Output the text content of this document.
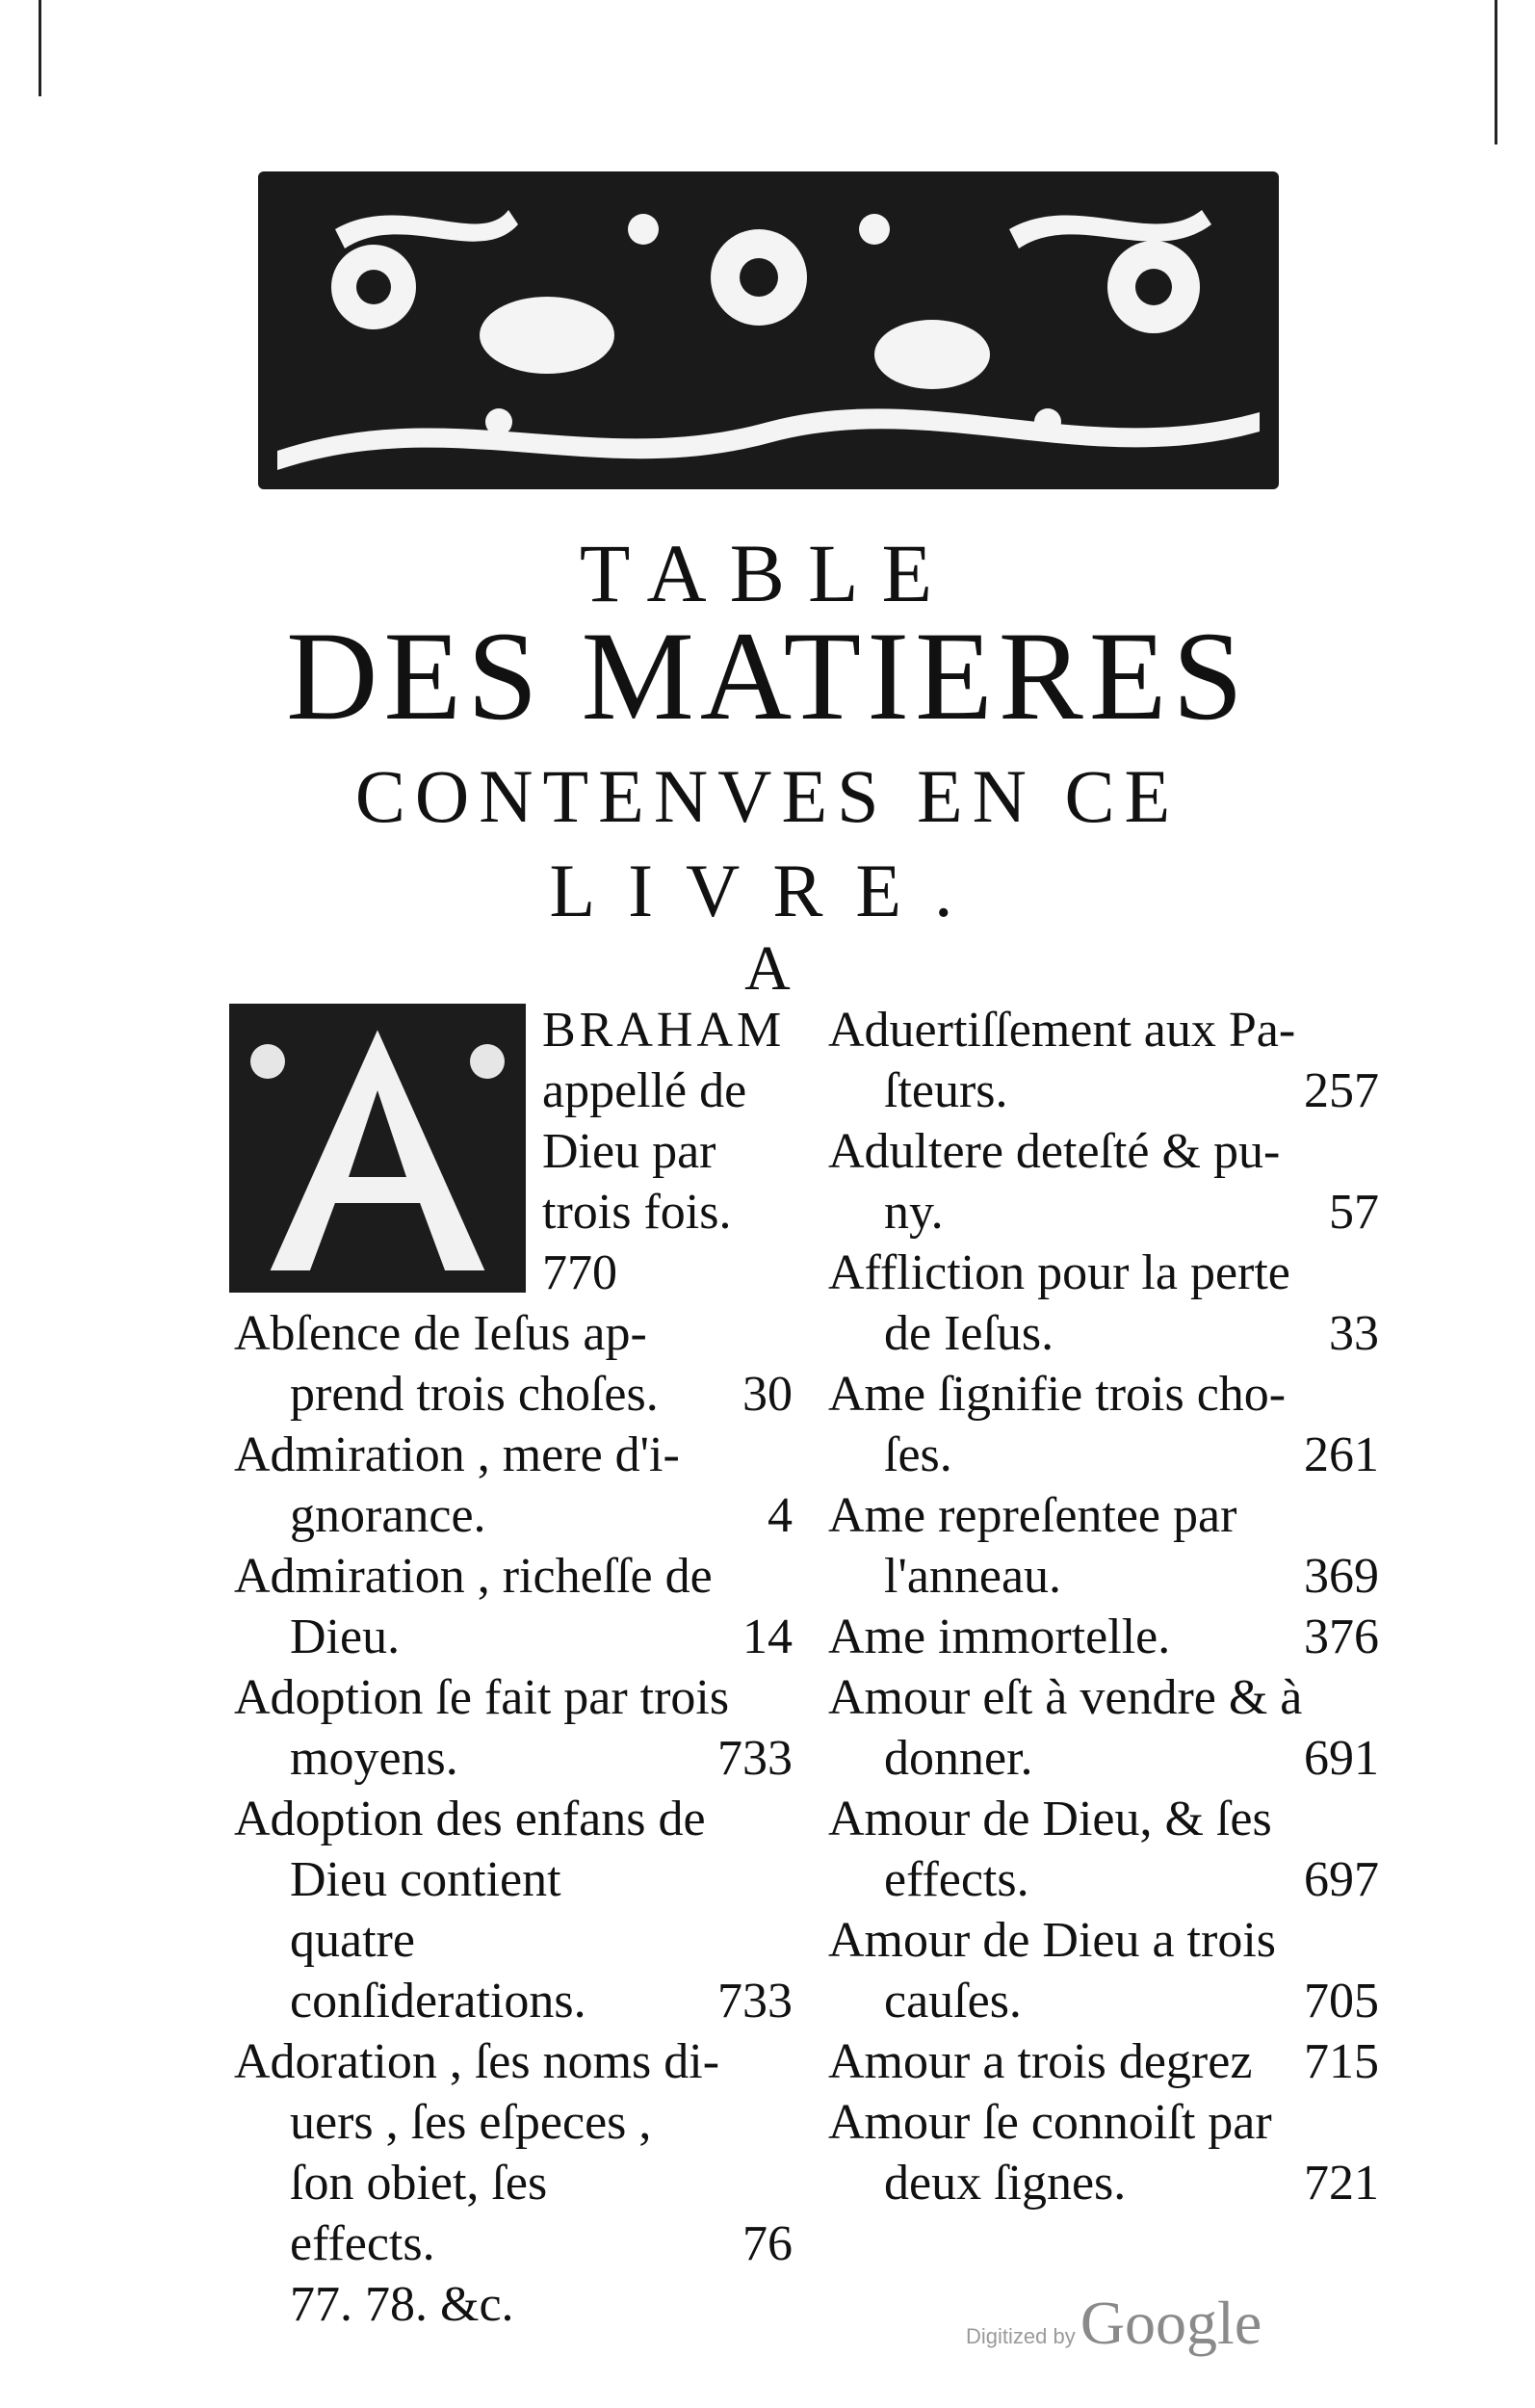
TABLE
DES MATIERES
CONTENVES EN CE
LIVRE.
A
BRAHAM
appellé de Dieu par trois fois.
770
Abſence de Ieſus ap-
prend trois choſes.	30
Admiration , mere d'i-
gnorance.	4
Admiration , richeſſe de
Dieu.	14
Adoption ſe fait par trois
moyens.	733
Adoption des enfans de
Dieu contient quatre conſiderations.	733
Adoration , ſes noms di-
uers , ſes eſpeces , ſon obiet, ſes effects.	76
77. 78. &c.
Aduertiſſement aux Pa-
ſteurs.	257
Adultere deteſté & pu-
ny.	57
Affliction pour la perte
de Ieſus.	33
Ame ſignifie trois cho-
ſes.	261
Ame repreſentee par
l'anneau.	369
Ame immortelle.	376
Amour eſt à vendre & à
donner.	691
Amour de Dieu, & ſes
effects.	697
Amour de Dieu a trois
cauſes.	705
Amour a trois degrez	715
Amour ſe connoiſt par
deux ſignes.	721
Digitized by Google
